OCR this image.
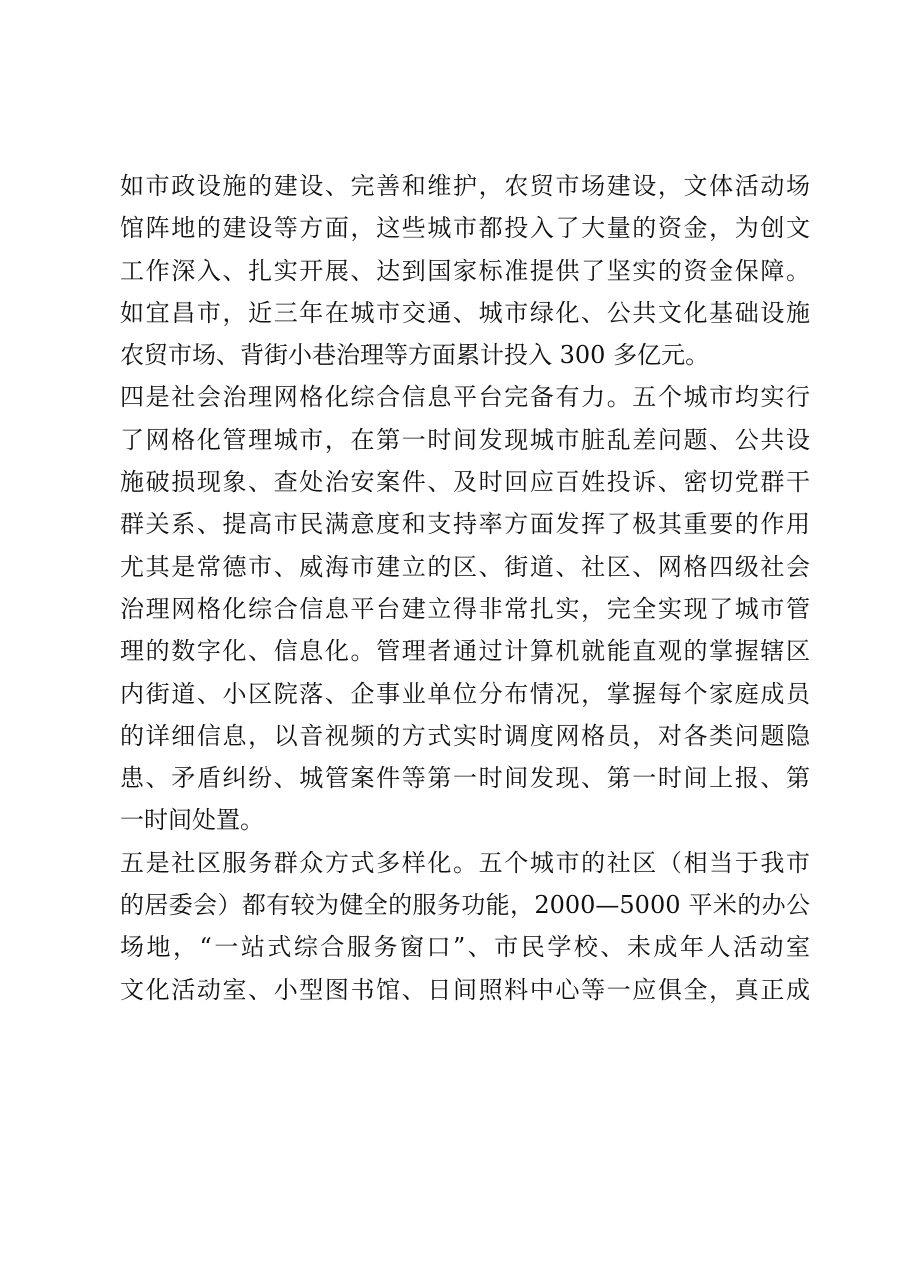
如市政设施的建设、完善和维护，农贸市场建设，文体活动场
馆阵地的建设等方面，这些城市都投入了大量的资金，为创文
工作深入、扎实开展、达到国家标准提供了坚实的资金保障。
如宜昌市，近三年在城市交通、城市绿化、公共文化基础设施
农贸市场、背街小巷治理等方面累计投入 300 多亿元。
四是社会治理网格化综合信息平台完备有力。五个城市均实行
了网格化管理城市，在第一时间发现城市脏乱差问题、公共设
施破损现象、查处治安案件、及时回应百姓投诉、密切党群干
群关系、提高市民满意度和支持率方面发挥了极其重要的作用
尤其是常德市、威海市建立的区、街道、社区、网格四级社会
治理网格化综合信息平台建立得非常扎实，完全实现了城市管
理的数字化、信息化。管理者通过计算机就能直观的掌握辖区
内街道、小区院落、企事业单位分布情况，掌握每个家庭成员
的详细信息，以音视频的方式实时调度网格员，对各类问题隐
患、矛盾纠纷、城管案件等第一时间发现、第一时间上报、第
一时间处置。
五是社区服务群众方式多样化。五个城市的社区（相当于我市
的居委会）都有较为健全的服务功能，2000—5000 平米的办公
场地，“一站式综合服务窗口”、市民学校、未成年人活动室
文化活动室、小型图书馆、日间照料中心等一应俱全，真正成
